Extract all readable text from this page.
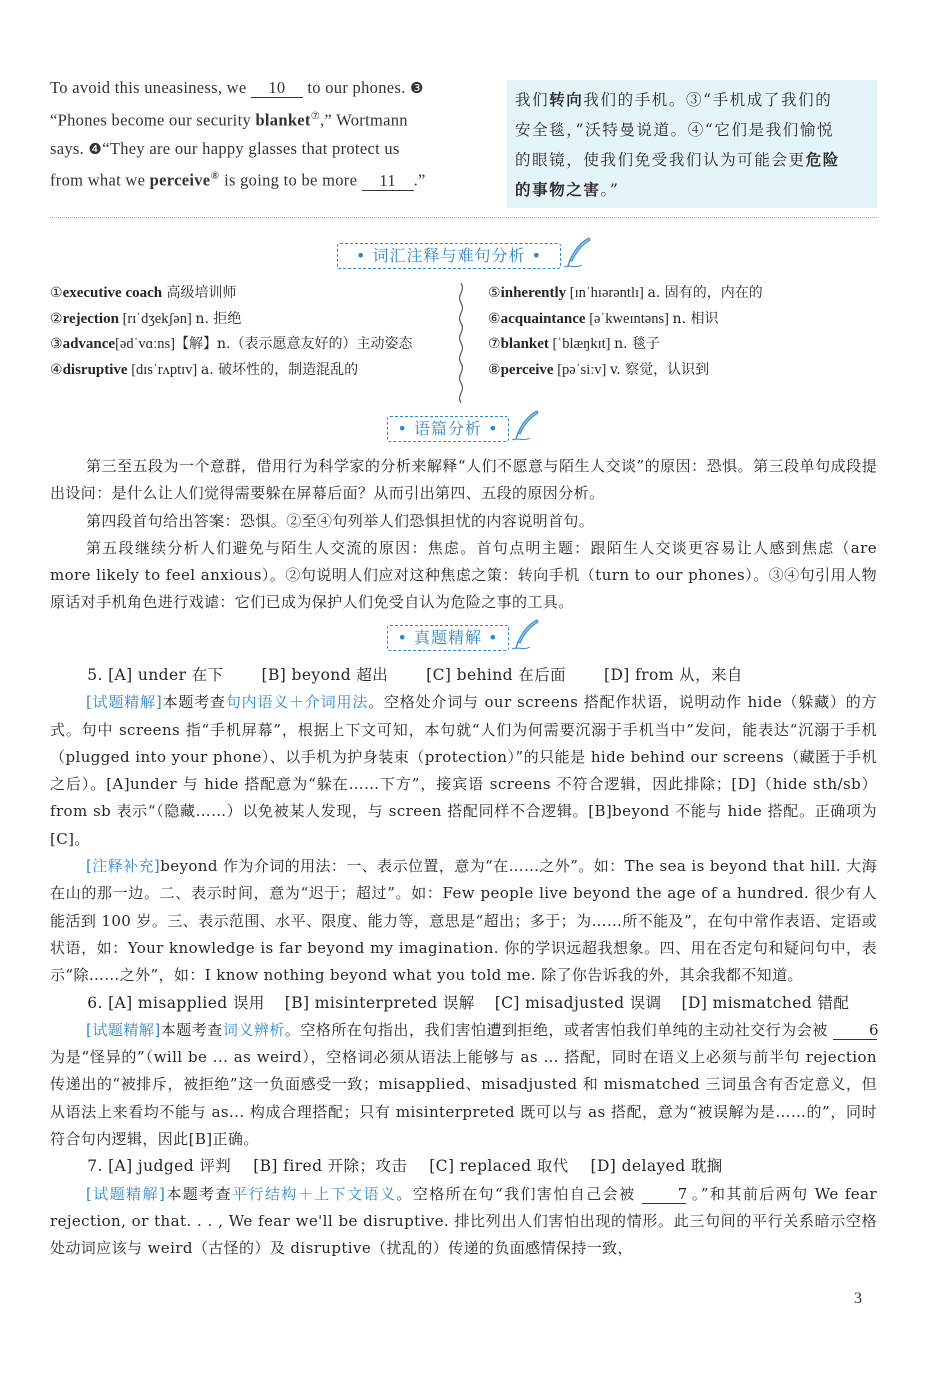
To avoid this uneasiness, we 10 to our phones. ❸
“Phones become our security blanket⑦,” Wortmann
says. ❹“They are our happy glasses that protect us
from what we perceive⑧ is going to be more 11 .”
我们转向我们的手机。③“手机成了我们的
安全毯，”沃特曼说道。④“它们是我们愉悦
的眼镜，使我们免受我们认为可能会更危险
的事物之害。”
• 词汇注释与难句分析 •
①executive coach 高级培训师
②rejection [rɪˈdʒekʃən] n. 拒绝
③advance[ədˈvɑːns]【解】n.（表示愿意友好的）主动姿态
④disruptive [dɪsˈrʌptɪv] a. 破坏性的，制造混乱的
⑤inherently [ɪnˈhɪərəntlɪ] a. 固有的，内在的
⑥acquaintance [əˈkweɪntəns] n. 相识
⑦blanket [ˈblæŋkɪt] n. 毯子
⑧perceive [pəˈsiːv] v. 察觉，认识到
• 语篇分析 •

第三至五段为一个意群，借用行为科学家的分析来解释“人们不愿意与陌生人交谈”的原因：恐惧。第三段单句成段提出设问：是什么让人们觉得需要躲在屏幕后面？从而引出第四、五段的原因分析。

第四段首句给出答案：恐惧。②至④句列举人们恐惧担忧的内容说明首句。

第五段继续分析人们避免与陌生人交流的原因：焦虑。首句点明主题：跟陌生人交谈更容易让人感到焦虑（are more likely to feel anxious）。②句说明人们应对这种焦虑之策：转向手机（turn to our phones）。③④句引用人物原话对手机角色进行戏谑：它们已成为保护人们免受自认为危险之事的工具。

• 真题精解 •
5. [A] under 在下 [B] beyond 超出 [C] behind 在后面 [D] from 从，来自

[试题精解]本题考查句内语义＋介词用法。空格处介词与 our screens 搭配作状语，说明动作 hide（躲藏）的方式。句中 screens 指“手机屏幕”，根据上下文可知，本句就“人们为何需要沉溺于手机当中”发问，能表达“沉溺于手机（plugged into your phone）、以手机为护身装束（protection）”的只能是 hide behind our screens（藏匿于手机之后）。[A]under 与 hide 搭配意为“躲在……下方”，接宾语 screens 不符合逻辑，因此排除；[D]（hide sth/sb）from sb 表示“（隐藏……）以免被某人发现，与 screen 搭配同样不合逻辑。[B]beyond 不能与 hide 搭配。正确项为[C]。

[注释补充]beyond 作为介词的用法：一、表示位置，意为“在……之外”。如：The sea is beyond that hill. 大海在山的那一边。二、表示时间，意为“迟于；超过”。如：Few people live beyond the age of a hundred. 很少有人能活到 100 岁。三、表示范围、水平、限度、能力等，意思是“超出；多于；为……所不能及”，在句中常作表语、定语或状语，如：Your knowledge is far beyond my imagination. 你的学识远超我想象。四、用在否定句和疑问句中，表示“除……之外”，如：I know nothing beyond what you told me. 除了你告诉我的外，其余我都不知道。

6. [A] misapplied 误用 [B] misinterpreted 误解 [C] misadjusted 误调 [D] mismatched 错配

[试题精解]本题考查词义辨析。空格所在句指出，我们害怕遭到拒绝，或者害怕我们单纯的主动社交行为会被 6 为是“怪异的”（will be ... as weird），空格词必须从语法上能够与 as ... 搭配，同时在语义上必须与前半句 rejection 传递出的“被排斥，被拒绝”这一负面感受一致；misapplied、misadjusted 和 mismatched 三词虽含有否定意义，但从语法上来看均不能与 as... 构成合理搭配；只有 misinterpreted 既可以与 as 搭配，意为“被误解为是……的”，同时符合句内逻辑，因此[B]正确。

7. [A] judged 评判 [B] fired 开除；攻击 [C] replaced 取代 [D] delayed 耽搁

[试题精解]本题考查平行结构＋上下文语义。空格所在句“我们害怕自己会被 7 。”和其前后两句 We fear rejection, or that. . . , We fear we'll be disruptive. 排比列出人们害怕出现的情形。此三句间的平行关系暗示空格处动词应该与 weird（古怪的）及 disruptive（扰乱的）传递的负面感情保持一致，

3
